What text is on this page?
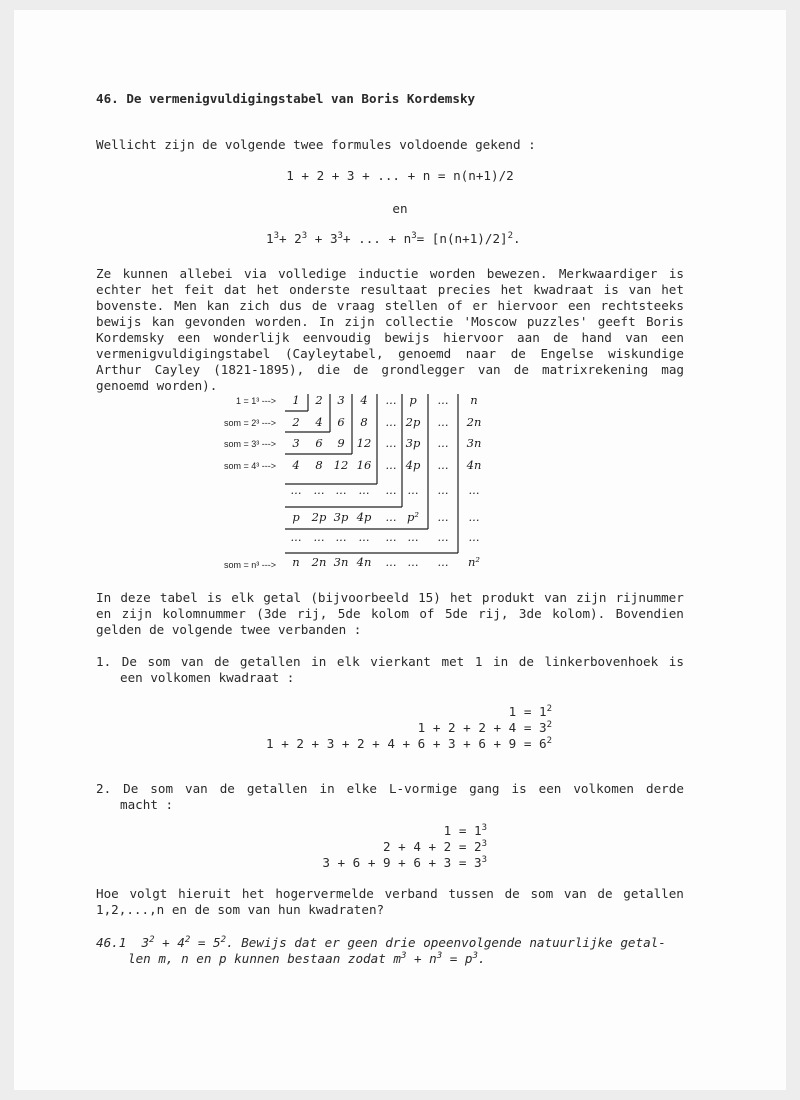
46. De vermenigvuldigingstabel van Boris Kordemsky
Wellicht zijn de volgende twee formules voldoende gekend :
1 + 2 + 3 + ... + n = n(n+1)/2
en
$1^3+ 2^3 + 3^3+$ ... + $n^3= [n(n+1)/2]^2$.
Ze kunnen allebei via volledige inductie worden bewezen. Merkwaardiger is
echter het feit dat het onderste resultaat precies het kwadraat is van het
bovenste. Men kan zich dus de vraag stellen of er hiervoor een rechtsteeks
bewijs kan gevonden worden. In zijn collectie 'Moscow puzzles' geeft Boris
Kordemsky een wonderlijk eenvoudig bewijs hiervoor aan de hand van een
vermenigvuldigingstabel (Cayleytabel, genoemd naar de Engelse wiskundige
Arthur Cayley (1821-1895), die de grondlegger van de matrixrekening mag
genoemd worden).
1 2 3 4 ... p ... n
2 4 6 8 ... 2p ... 2n
3 6 9 12 ... 3p ... 3n
4 8 12 16 ... 4p ... 4n
... ... ... ... ... ... ... ...
p 2p 3p 4p ... p² ... ...
... ... ... ... ... ... ... ...
n 2n 3n 4n ... ... ... n²
1 = 1³ --->
som = 2³ --->
som = 3³ --->
som = 4³ --->
som = n³ --->
In deze tabel is elk getal (bijvoorbeeld 15) het produkt van zijn rijnummer
en zijn kolomnummer (3de rij, 5de kolom of 5de rij, 3de kolom). Bovendien
gelden de volgende twee verbanden :
1. De som van de getallen in elk vierkant met 1 in de linkerbovenhoek is
een volkomen kwadraat :
$1 = 1^2$
$1 + 2 + 2 + 4 = 3^2$
$1 + 2 + 3 + 2 + 4 + 6 + 3 + 6 + 9 = 6^2$
2. De som van de getallen in elke L-vormige gang is een volkomen derde
macht :
$1 = 1^3$
$2 + 4 + 2 = 2^3$
$3 + 6 + 9 + 6 + 3 = 3^3$
Hoe volgt hieruit het hogervermelde verband tussen de som van de getallen
1,2,...,n en de som van hun kwadraten?
46.1 $3^2 + 4^2 = 5^2$. Bewijs dat er geen drie opeenvolgende natuurlijke getal-
len m, n en p kunnen bestaan zodat $m^3 + n^3 = p^3$.
